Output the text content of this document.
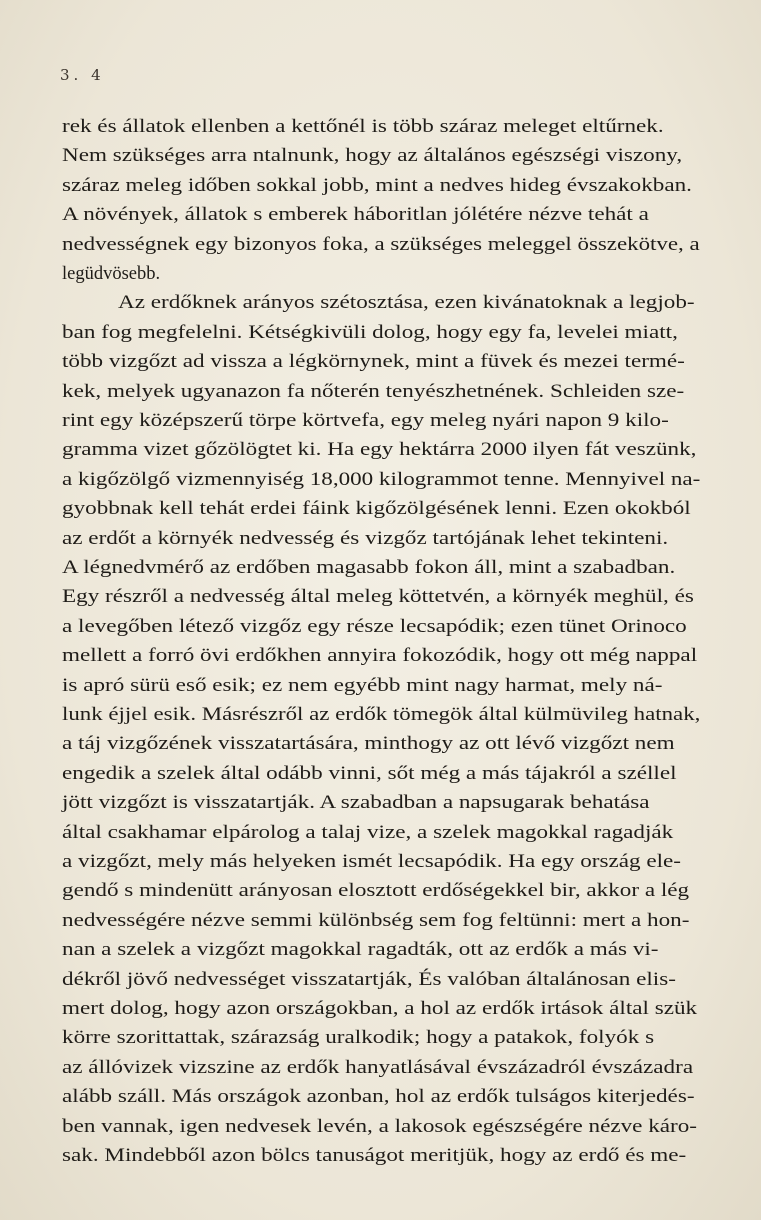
3. 4
rek és állatok ellenben a kettőnél is több száraz meleget eltűrnek.
Nem szükséges arra ntalnunk, hogy az általános egészségi viszony,
száraz meleg időben sokkal jobb, mint a nedves hideg évszakokban.
A növények, állatok s emberek háboritlan jólétére nézve tehát a
nedvességnek egy bizonyos foka, a szükséges meleggel összekötve, a
legüdvösebb.
Az erdőknek arányos szétosztása, ezen kivánatoknak a legjob-
ban fog megfelelni. Kétségkivüli dolog, hogy egy fa, levelei miatt,
több vizgőzt ad vissza a légkörnynek, mint a füvek és mezei termé-
kek, melyek ugyanazon fa nőterén tenyészhetnének. Schleiden sze-
rint egy középszerű törpe körtvefa, egy meleg nyári napon 9 kilo-
gramma vizet gőzölögtet ki. Ha egy hektárra 2000 ilyen fát veszünk,
a kigőzölgő vizmennyiség 18,000 kilogrammot tenne. Mennyivel na-
gyobbnak kell tehát erdei fáink kigőzölgésének lenni. Ezen okokból
az erdőt a környék nedvesség és vizgőz tartójának lehet tekinteni.
A légnedvmérő az erdőben magasabb fokon áll, mint a szabadban.
Egy részről a nedvesség által meleg köttetvén, a környék meghül, és
a levegőben létező vizgőz egy része lecsapódik; ezen tünet Orinoco
mellett a forró övi erdőkhen annyira fokozódik, hogy ott még nappal
is apró sürü eső esik; ez nem egyébb mint nagy harmat, mely ná-
lunk éjjel esik. Másrészről az erdők tömegök által külmüvileg hatnak,
a táj vizgőzének visszatartására, minthogy az ott lévő vizgőzt nem
engedik a szelek által odább vinni, sőt még a más tájakról a széllel
jött vizgőzt is visszatartják. A szabadban a napsugarak behatása
által csakhamar elpárolog a talaj vize, a szelek magokkal ragadják
a vizgőzt, mely más helyeken ismét lecsapódik. Ha egy ország ele-
gendő s mindenütt arányosan elosztott erdőségekkel bir, akkor a lég
nedvességére nézve semmi különbség sem fog feltünni: mert a hon-
nan a szelek a vizgőzt magokkal ragadták, ott az erdők a más vi-
dékről jövő nedvességet visszatartják, És valóban általánosan elis-
mert dolog, hogy azon országokban, a hol az erdők irtások által szük
körre szorittattak, szárazság uralkodik; hogy a patakok, folyók s
az állóvizek vizszine az erdők hanyatlásával évszázadról évszázadra
alább száll. Más országok azonban, hol az erdők tulságos kiterjedés-
ben vannak, igen nedvesek levén, a lakosok egészségére nézve káro-
sak. Mindebből azon bölcs tanuságot meritjük, hogy az erdő és me-
